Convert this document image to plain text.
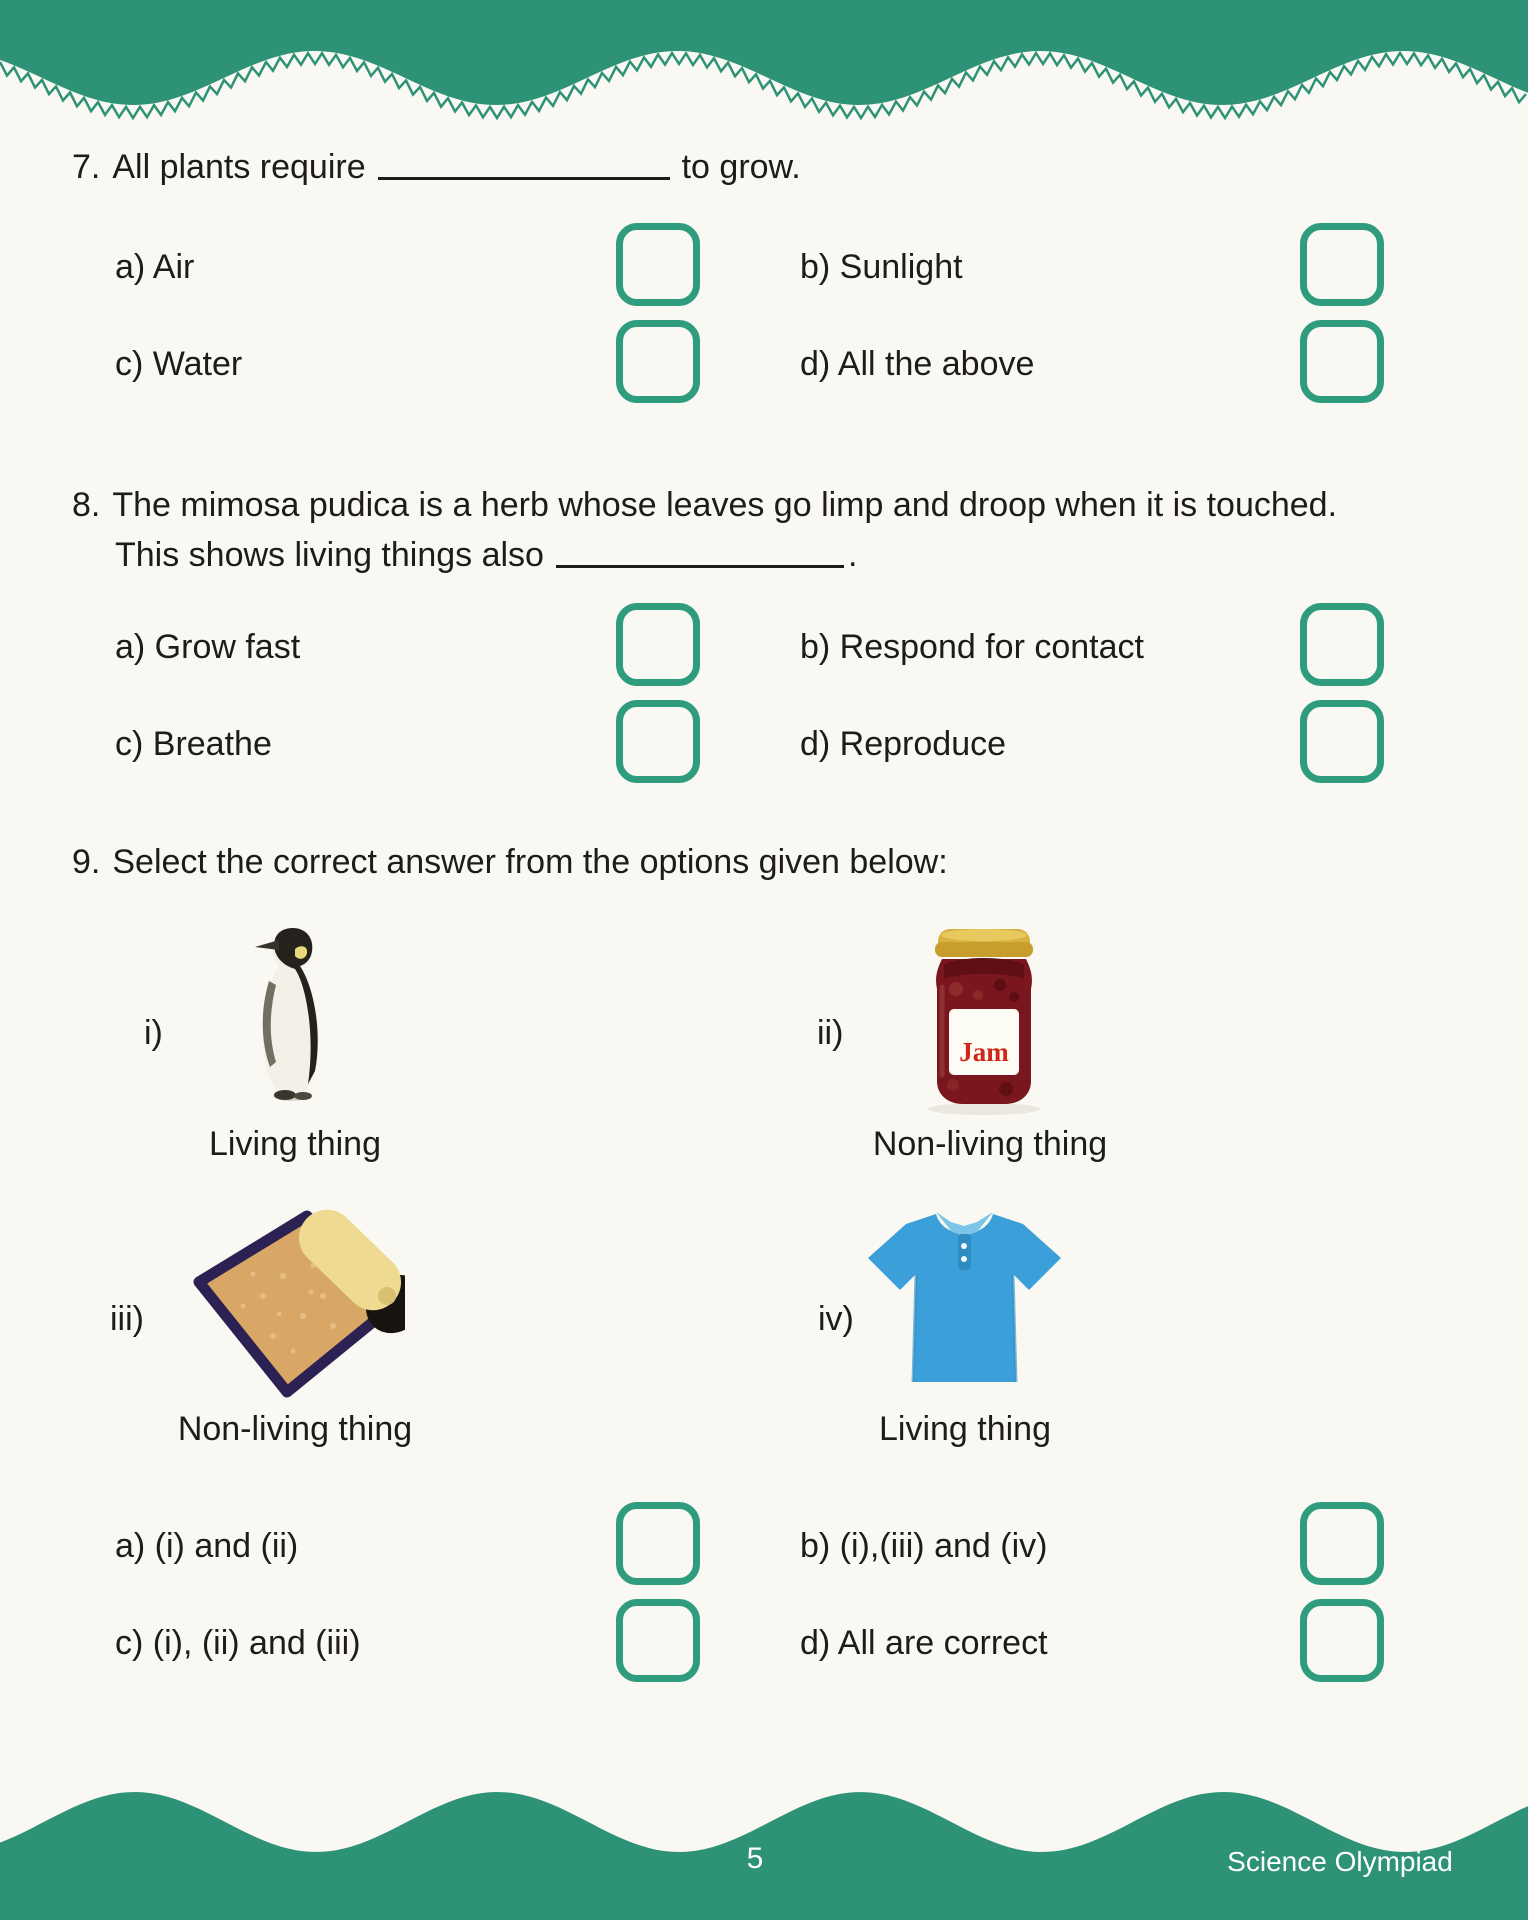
7. All plants require	to grow.
a) Air	b) Sunlight
c) Water	d) All the above
8. The mimosa pudica is a herb whose leaves go limp and droop when it is touched.
This shows living things also	.
a) Grow fast	b) Respond for contact
c) Breathe	d) Reproduce
9. Select the correct answer from the options given below:
i)
Living thing
ii)	Jam
Non-living thing
iii)
Non-living thing
iv)
Living thing
a) (i) and (ii)	b) (i),(iii) and (iv)
c) (i), (ii) and (iii)	d) All are correct
5	Science Olympiad
